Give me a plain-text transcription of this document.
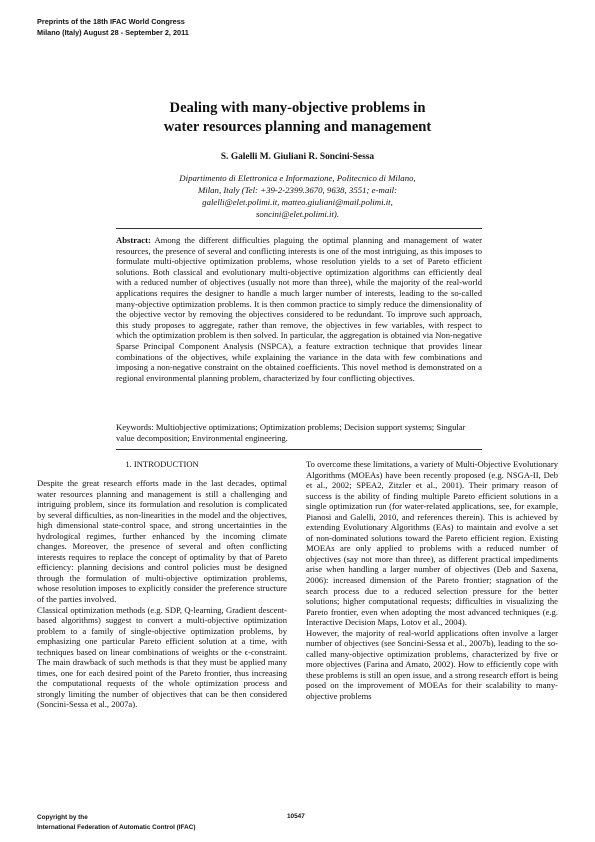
Preprints of the 18th IFAC World Congress
Milano (Italy) August 28 - September 2, 2011
Dealing with many-objective problems in
water resources planning and management
S. Galelli M. Giuliani R. Soncini-Sessa
Dipartimento di Elettronica e Informazione, Politecnico di Milano,
Milan, Italy (Tel: +39-2-2399.3670, 9638, 3551; e-mail:
galelli@elet.polimi.it, matteo.giuliani@mail.polimi.it,
soncini@elet.polimi.it).
Abstract: Among the different difficulties plaguing the optimal planning and management of water resources, the presence of several and conflicting interests is one of the most intriguing, as this imposes to formulate multi-objective optimization problems, whose resolution yields to a set of Pareto efficient solutions. Both classical and evolutionary multi-objective optimization algorithms can efficiently deal with a reduced number of objectives (usually not more than three), while the majority of the real-world applications requires the designer to handle a much larger number of interests, leading to the so-called many-objective optimization problems. It is then common practice to simply reduce the dimensionality of the objective vector by removing the objectives considered to be redundant. To improve such approach, this study proposes to aggregate, rather than remove, the objectives in few variables, with respect to which the optimization problem is then solved. In particular, the aggregation is obtained via Non-negative Sparse Principal Component Analysis (NSPCA), a feature extraction technique that provides linear combinations of the objectives, while explaining the variance in the data with few combinations and imposing a non-negative constraint on the obtained coefficients. This novel method is demonstrated on a regional environmental planning problem, characterized by four conflicting objectives.
Keywords: Multiobjective optimizations; Optimization problems; Decision support systems; Singular value decomposition; Environmental engineering.
1. INTRODUCTION

Despite the great research efforts made in the last decades, optimal water resources planning and management is still a challenging and intriguing problem, since its formulation and resolution is complicated by several difficulties, as non-linearities in the model and the objectives, high dimensional state-control space, and strong uncertainties in the hydrological regimes, further enhanced by the incoming climate changes. Moreover, the presence of several and often conflicting interests requires to replace the concept of optimality by that of Pareto efficiency: planning decisions and control policies must be designed through the formulation of multi-objective optimization problems, whose resolution imposes to explicitly consider the preference structure of the parties involved.

Classical optimization methods (e.g. SDP, Q-learning, Gradient descent-based algorithms) suggest to convert a multi-objective optimization problem to a family of single-objective optimization problems, by emphasizing one particular Pareto efficient solution at a time, with techniques based on linear combinations of weights or the ϵ-constraint. The main drawback of such methods is that they must be applied many times, one for each desired point of the Pareto frontier, thus increasing the computational requests of the whole optimization process and strongly limiting the number of objectives that can be then considered (Soncini-Sessa et al., 2007a).

To overcome these limitations, a variety of Multi-Objective Evolutionary Algorithms (MOEAs) have been recently proposed (e.g. NSGA-II, Deb et al., 2002; SPEA2, Zitzler et al., 2001). Their primary reason of success is the ability of finding multiple Pareto efficient solutions in a single optimization run (for water-related applications, see, for example, Pianosi and Galelli, 2010, and references therein). This is achieved by extending Evolutionary Algorithms (EAs) to maintain and evolve a set of non-dominated solutions toward the Pareto efficient region. Existing MOEAs are only applied to problems with a reduced number of objectives (say not more than three), as different practical impediments arise when handling a larger number of objectives (Deb and Saxena, 2006): increased dimension of the Pareto frontier; stagnation of the search process due to a reduced selection pressure for the better solutions; higher computational requests; difficulties in visualizing the Pareto frontier, even when adopting the most advanced techniques (e.g. Interactive Decision Maps, Lotov et al., 2004).

However, the majority of real-world applications often involve a larger number of objectives (see Soncini-Sessa et al., 2007b), leading to the so-called many-objective optimization problems, characterized by five or more objectives (Farina and Amato, 2002). How to efficiently cope with these problems is still an open issue, and a strong research effort is being posed on the improvement of MOEAs for their scalability to many-objective problems

Copyright by the
International Federation of Automatic Control (IFAC)
10547
